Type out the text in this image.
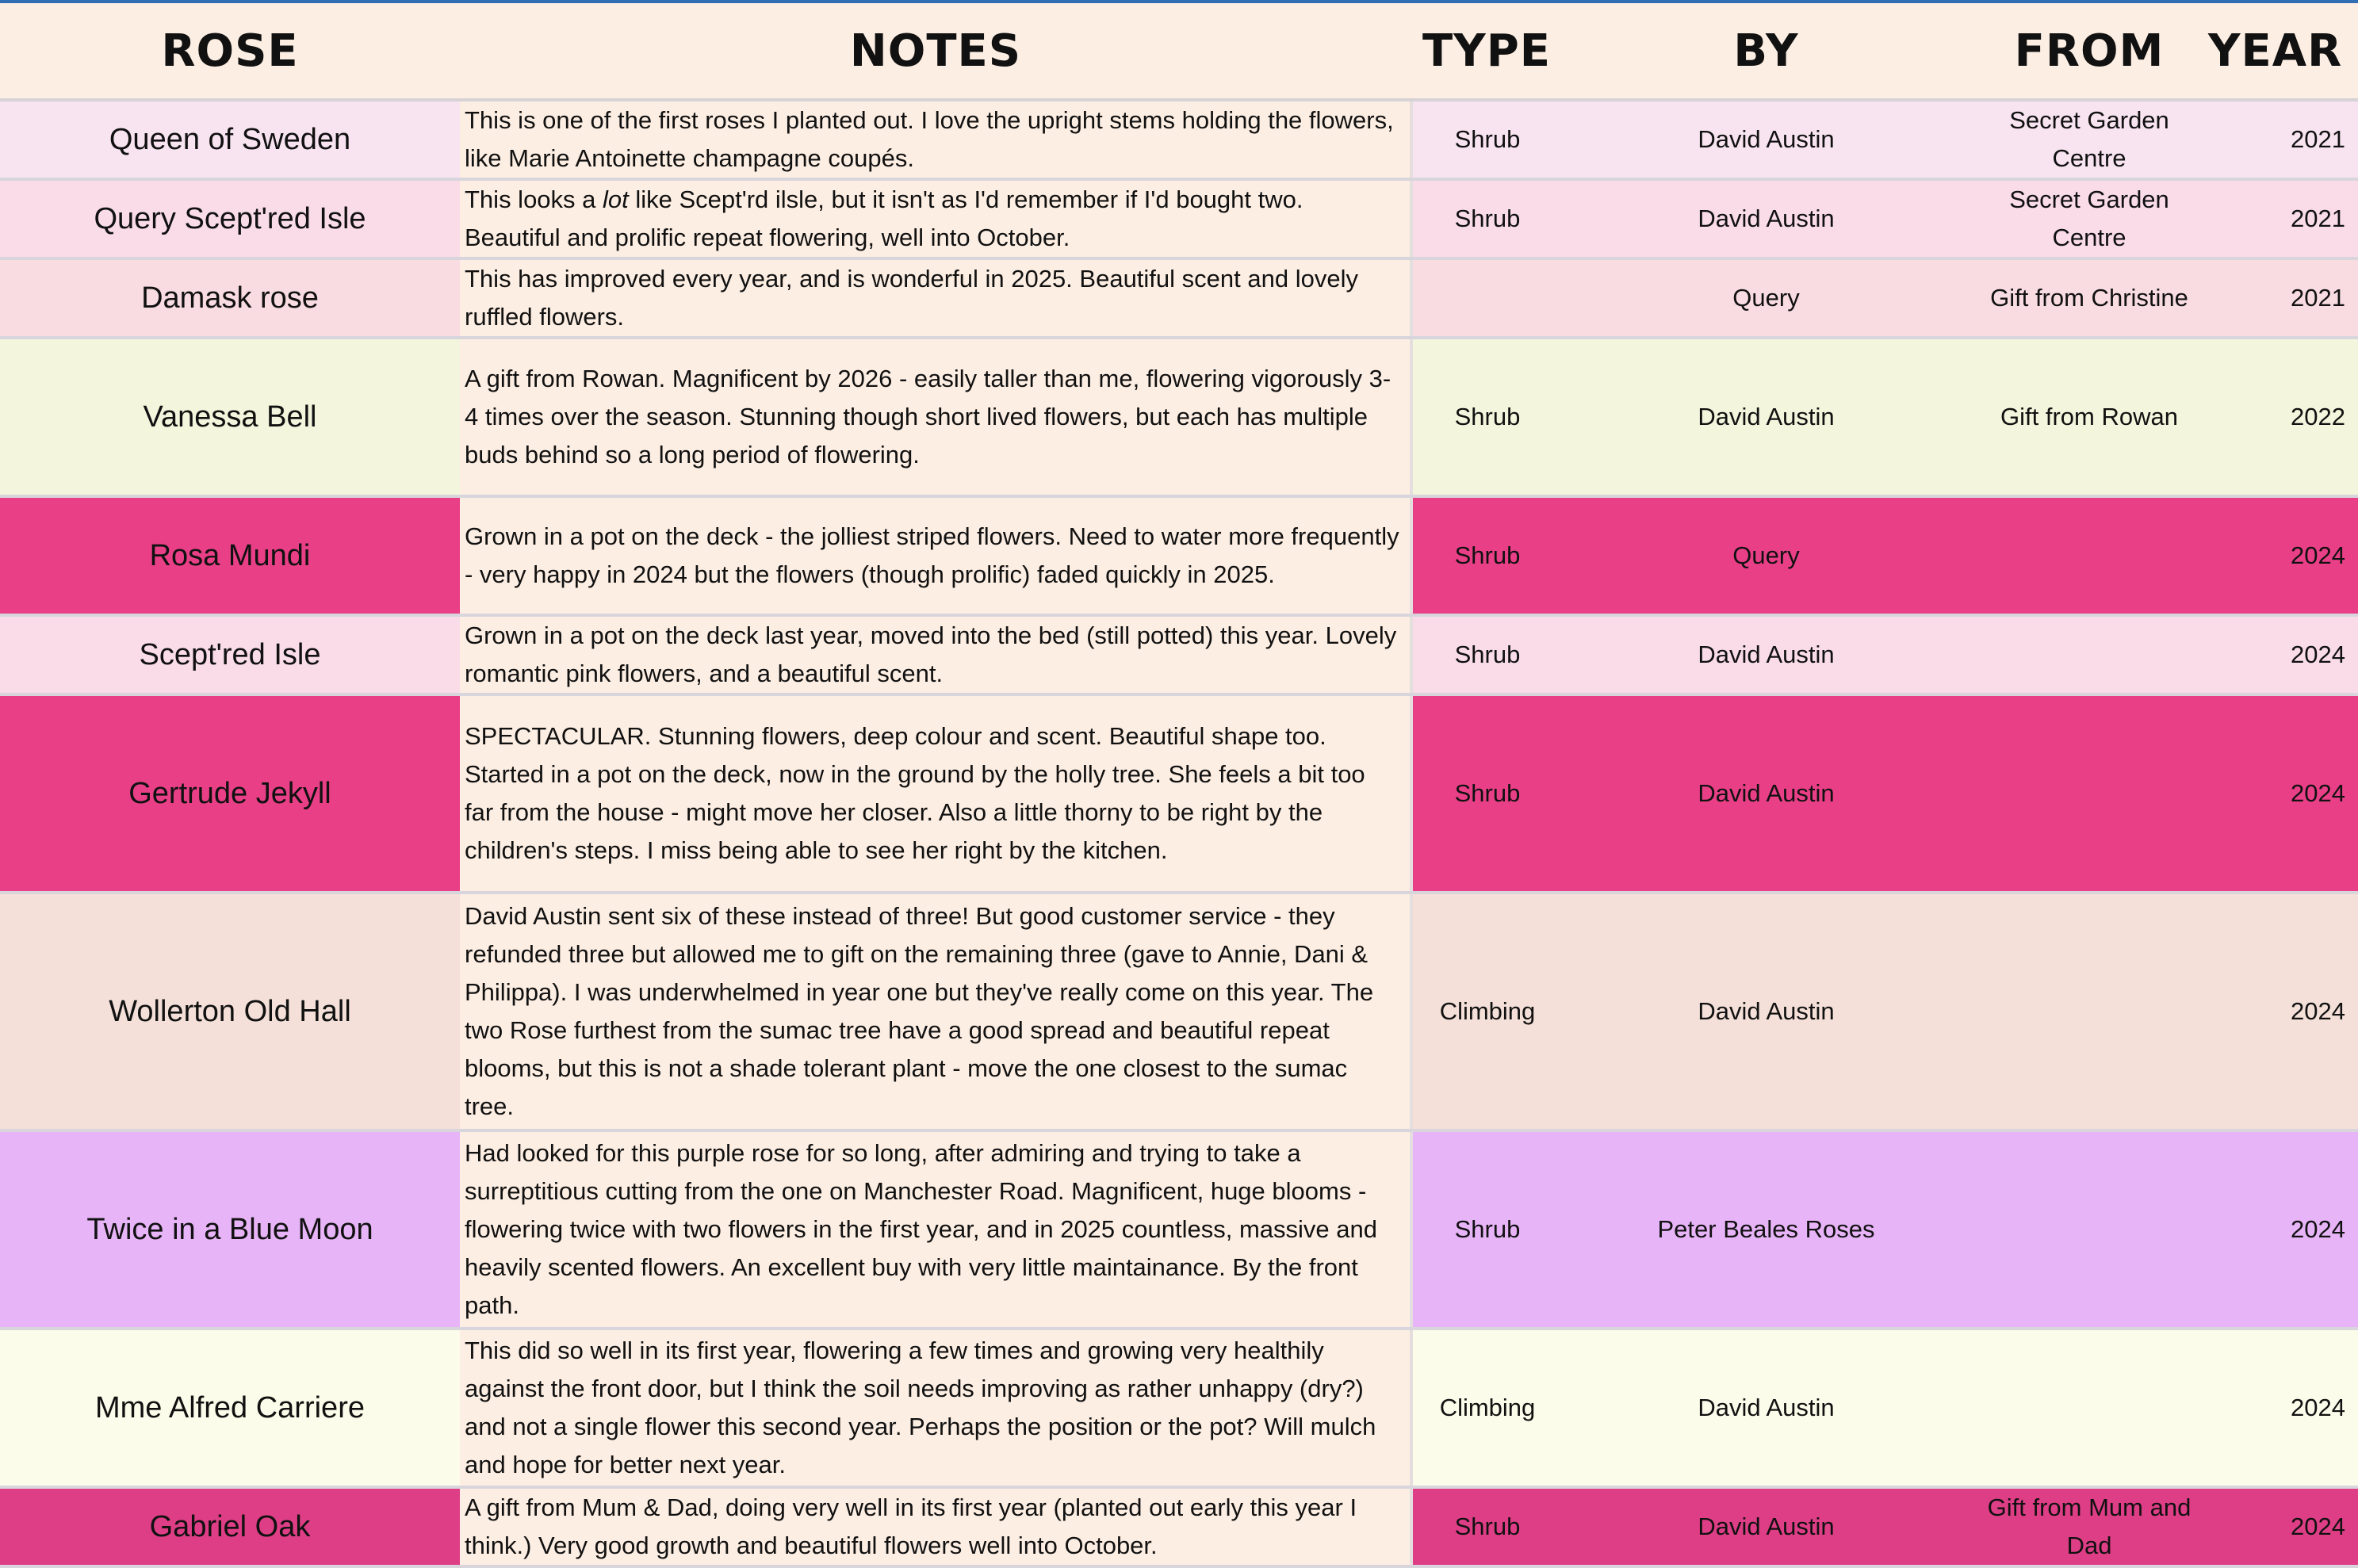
ROSE	NOTES	TYPE	BY	FROM	YEAR
Queen of Sweden	This is one of the first roses I planted out. I love the upright stems holding the flowers, like Marie Antoinette champagne coupés.	Shrub	David Austin	Secret Garden Centre	2021
Query Scept'red Isle	This looks a lot like Scept'rd ilsle, but it isn't as I'd remember if I'd bought two. Beautiful and prolific repeat flowering, well into October.	Shrub	David Austin	Secret Garden Centre	2021
Damask rose	This has improved every year, and is wonderful in 2025. Beautiful scent and lovely ruffled flowers.		Query	Gift from Christine	2021
Vanessa Bell	A gift from Rowan. Magnificent by 2026 - easily taller than me, flowering vigorously 3-4 times over the season. Stunning though short lived flowers, but each has multiple buds behind so a long period of flowering.	Shrub	David Austin	Gift from Rowan	2022
Rosa Mundi	Grown in a pot on the deck - the jolliest striped flowers. Need to water more frequently - very happy in 2024 but the flowers (though prolific) faded quickly in 2025.	Shrub	Query		2024
Scept'red Isle	Grown in a pot on the deck last year, moved into the bed (still potted) this year. Lovely romantic pink flowers, and a beautiful scent.	Shrub	David Austin		2024
Gertrude Jekyll	SPECTACULAR. Stunning flowers, deep colour and scent. Beautiful shape too. Started in a pot on the deck, now in the ground by the holly tree. She feels a bit too far from the house - might move her closer. Also a little thorny to be right by the children's steps. I miss being able to see her right by the kitchen.	Shrub	David Austin		2024
Wollerton Old Hall	David Austin sent six of these instead of three! But good customer service - they refunded three but allowed me to gift on the remaining three (gave to Annie, Dani & Philippa). I was underwhelmed in year one but they've really come on this year. The two Rose furthest from the sumac tree have a good spread and beautiful repeat blooms, but this is not a shade tolerant plant - move the one closest to the sumac tree.	Climbing	David Austin		2024
Twice in a Blue Moon	Had looked for this purple rose for so long, after admiring and trying to take a surreptitious cutting from the one on Manchester Road. Magnificent, huge blooms - flowering twice with two flowers in the first year, and in 2025 countless, massive and heavily scented flowers. An excellent buy with very little maintainance. By the front path.	Shrub	Peter Beales Roses		2024
Mme Alfred Carriere	This did so well in its first year, flowering a few times and growing very healthily against the front door, but I think the soil needs improving as rather unhappy (dry?) and not a single flower this second year. Perhaps the position or the pot? Will mulch and hope for better next year.	Climbing	David Austin		2024
Gabriel Oak	A gift from Mum & Dad, doing very well in its first year (planted out early this year I think.) Very good growth and beautiful flowers well into October.	Shrub	David Austin	Gift from Mum and Dad	2024
